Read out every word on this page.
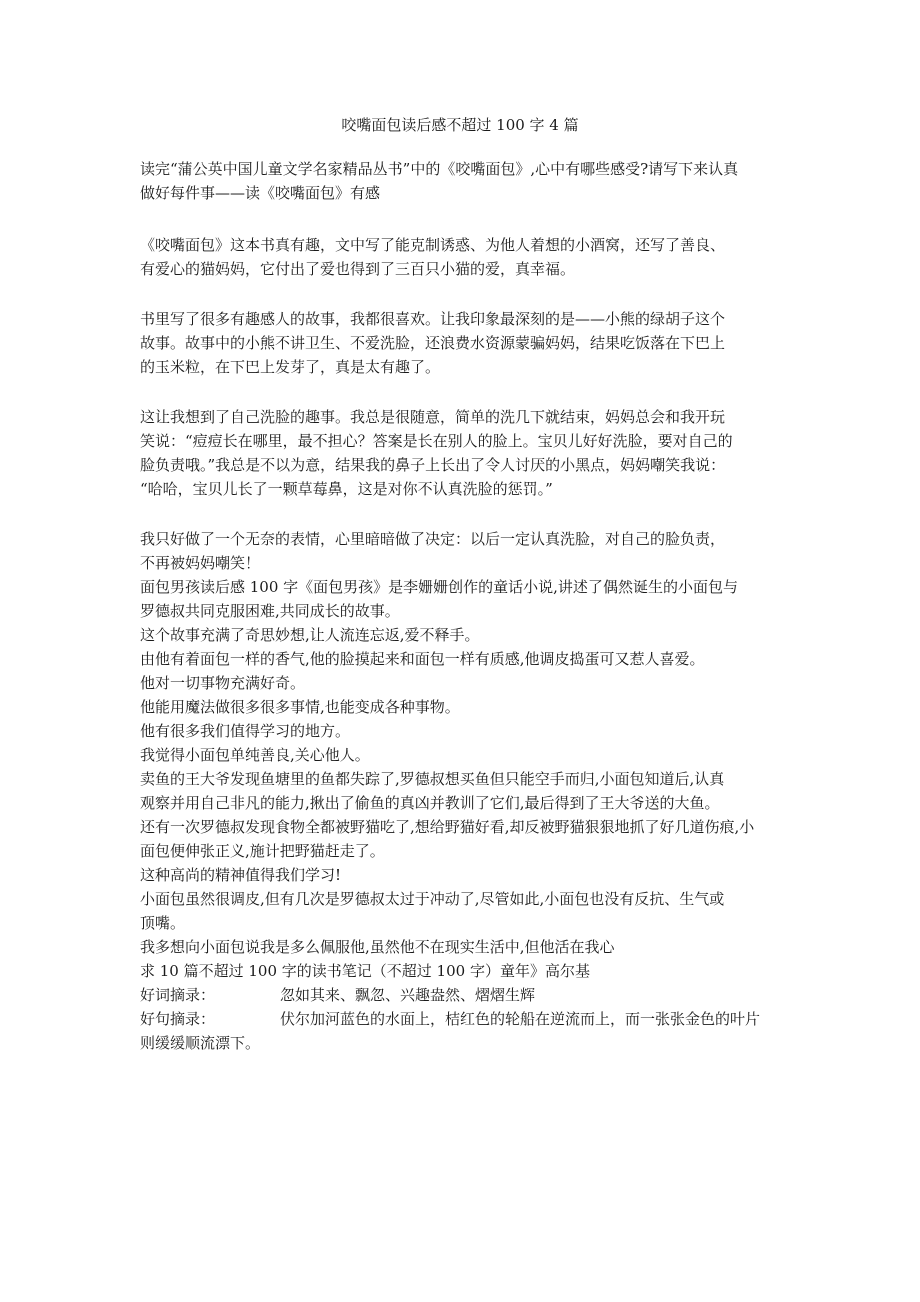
咬嘴面包读后感不超过 100 字 4 篇
读完“蒲公英中国儿童文学名家精品丛书”中的《咬嘴面包》,心中有哪些感受?请写下来认真
做好每件事——读《咬嘴面包》有感
《咬嘴面包》这本书真有趣，文中写了能克制诱惑、为他人着想的小酒窝，还写了善良、
有爱心的猫妈妈，它付出了爱也得到了三百只小猫的爱，真幸福。
书里写了很多有趣感人的故事，我都很喜欢。让我印象最深刻的是——小熊的绿胡子这个
故事。故事中的小熊不讲卫生、不爱洗脸，还浪费水资源蒙骗妈妈，结果吃饭落在下巴上
的玉米粒，在下巴上发芽了，真是太有趣了。
这让我想到了自己洗脸的趣事。我总是很随意，简单的洗几下就结束，妈妈总会和我开玩
笑说：“痘痘长在哪里，最不担心？答案是长在别人的脸上。宝贝儿好好洗脸，要对自己的
脸负责哦。”我总是不以为意，结果我的鼻子上长出了令人讨厌的小黑点，妈妈嘲笑我说：
“哈哈，宝贝儿长了一颗草莓鼻，这是对你不认真洗脸的惩罚。”
我只好做了一个无奈的表情，心里暗暗做了决定：以后一定认真洗脸，对自己的脸负责，
不再被妈妈嘲笑！
面包男孩读后感 100 字《面包男孩》是李姗姗创作的童话小说,讲述了偶然诞生的小面包与
罗德叔共同克服困难,共同成长的故事。
这个故事充满了奇思妙想,让人流连忘返,爱不释手。
由他有着面包一样的香气,他的脸摸起来和面包一样有质感,他调皮捣蛋可又惹人喜爱。
他对一切事物充满好奇。
他能用魔法做很多很多事情,也能变成各种事物。
他有很多我们值得学习的地方。
我觉得小面包单纯善良,关心他人。
卖鱼的王大爷发现鱼塘里的鱼都失踪了,罗德叔想买鱼但只能空手而归,小面包知道后,认真
观察并用自己非凡的能力,揪出了偷鱼的真凶并教训了它们,最后得到了王大爷送的大鱼。
还有一次罗德叔发现食物全都被野猫吃了,想给野猫好看,却反被野猫狠狠地抓了好几道伤痕,小
面包便伸张正义,施计把野猫赶走了。
这种高尚的精神值得我们学习!
小面包虽然很调皮,但有几次是罗德叔太过于冲动了,尽管如此,小面包也没有反抗、生气或
顶嘴。
我多想向小面包说我是多么佩服他,虽然他不在现实生活中,但他活在我心
求 10 篇不超过 100 字的读书笔记（不超过 100 字）童年》高尔基
好词摘录：	忽如其来、飘忽、兴趣盎然、熠熠生辉
好句摘录：	伏尔加河蓝色的水面上，桔红色的轮船在逆流而上，而一张张金色的叶片
则缓缓顺流漂下。
